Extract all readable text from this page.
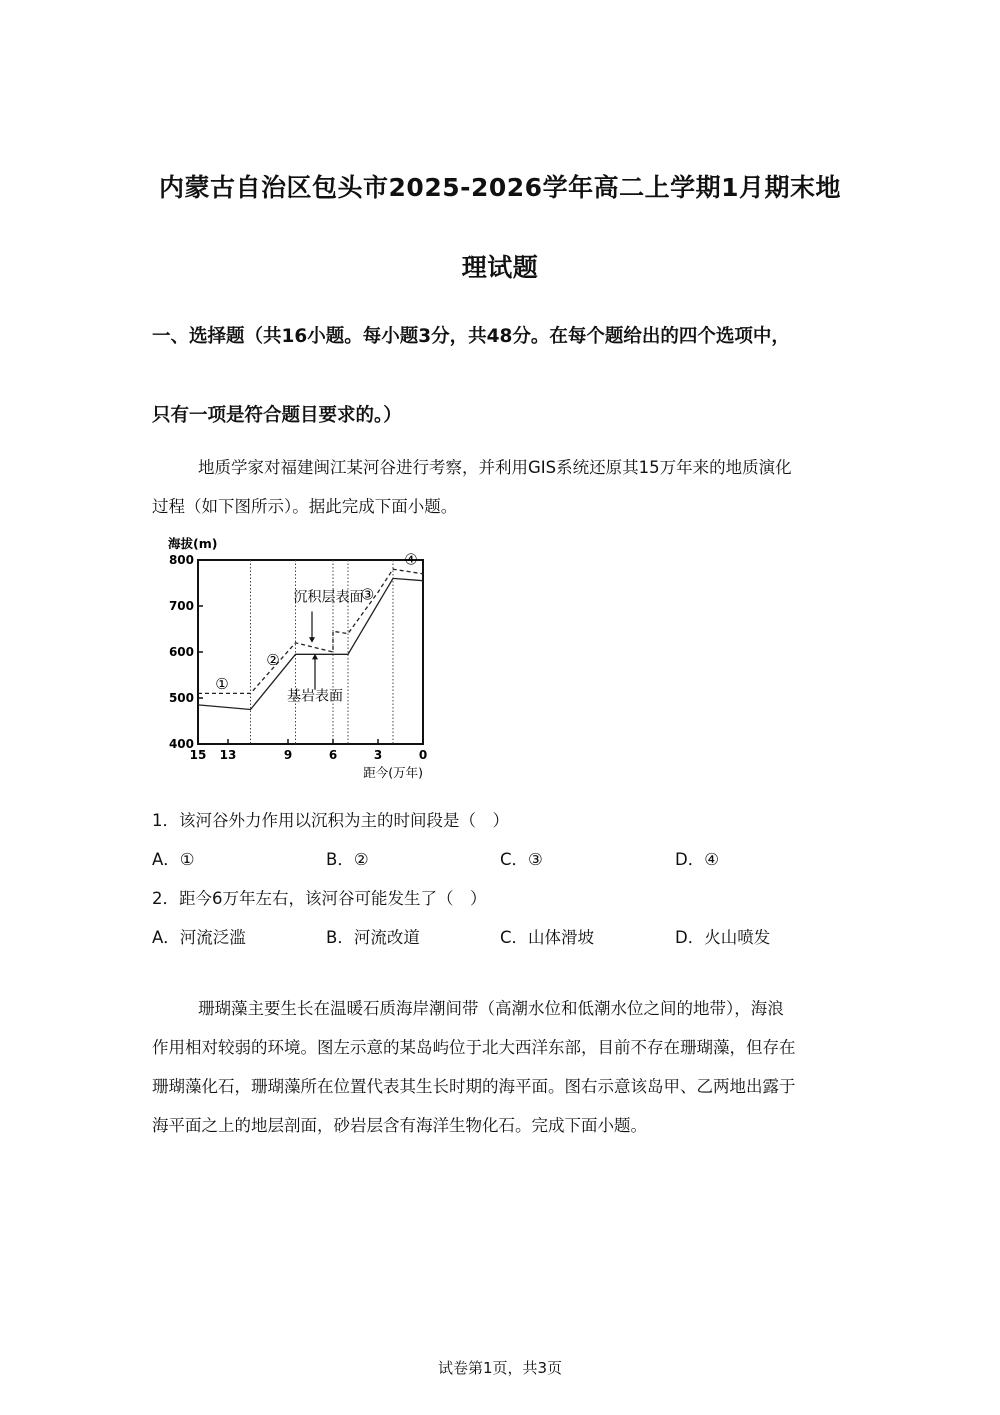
内蒙古自治区包头市2025-2026学年高二上学期1月期末地
理试题
一、选择题（共16小题。每小题3分，共48分。在每个题给出的四个选项中，
只有一项是符合题目要求的。）
地质学家对福建闽江某河谷进行考察，并利用GIS系统还原其15万年来的地质演化
过程（如下图所示）。据此完成下面小题。
800
700
600
500
400
15 13	9	6	3	0
海拔(m)
距今(万年)
①
②
③
④
沉积层表面
基岩表面
1．该河谷外力作用以沉积为主的时间段是（　）
A．①	B．②	C．③	D．④
2．距今6万年左右，该河谷可能发生了（　）
A．河流泛滥	B．河流改道	C．山体滑坡	D．火山喷发
珊瑚藻主要生长在温暖石质海岸潮间带（高潮水位和低潮水位之间的地带），海浪
作用相对较弱的环境。图左示意的某岛屿位于北大西洋东部，目前不存在珊瑚藻，但存在
珊瑚藻化石，珊瑚藻所在位置代表其生长时期的海平面。图右示意该岛甲、乙两地出露于
海平面之上的地层剖面，砂岩层含有海洋生物化石。完成下面小题。
试卷第1页，共3页
